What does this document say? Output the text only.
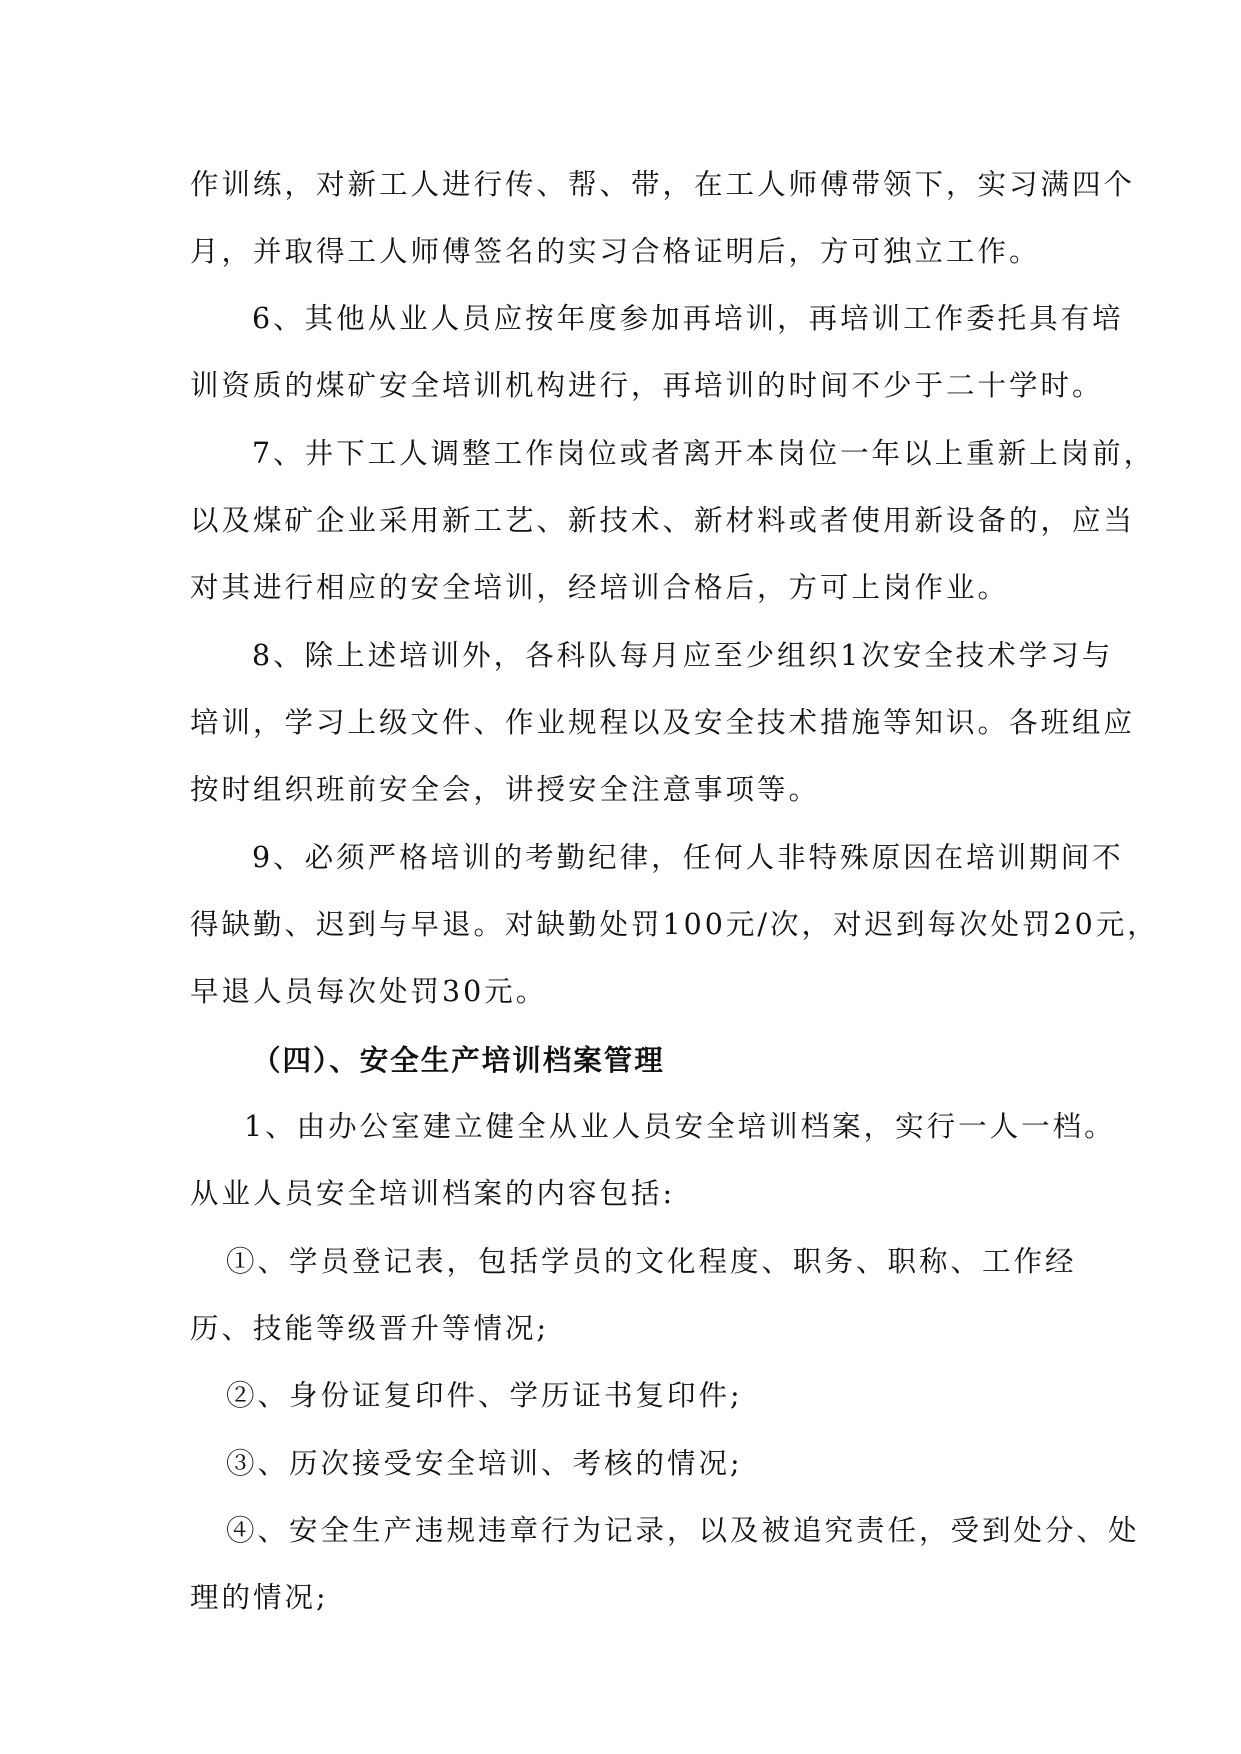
作训练，对新工人进行传、帮、带，在工人师傅带领下，实习满四个
月，并取得工人师傅签名的实习合格证明后，方可独立工作。
6、其他从业人员应按年度参加再培训，再培训工作委托具有培
训资质的煤矿安全培训机构进行，再培训的时间不少于二十学时。
7、井下工人调整工作岗位或者离开本岗位一年以上重新上岗前，
以及煤矿企业采用新工艺、新技术、新材料或者使用新设备的，应当
对其进行相应的安全培训，经培训合格后，方可上岗作业。
8、除上述培训外，各科队每月应至少组织1次安全技术学习与
培训，学习上级文件、作业规程以及安全技术措施等知识。各班组应
按时组织班前安全会，讲授安全注意事项等。
9、必须严格培训的考勤纪律，任何人非特殊原因在培训期间不
得缺勤、迟到与早退。对缺勤处罚100元/次，对迟到每次处罚20元，
早退人员每次处罚30元。
（四）、安全生产培训档案管理
1、由办公室建立健全从业人员安全培训档案，实行一人一档。
从业人员安全培训档案的内容包括:
①、学员登记表，包括学员的文化程度、职务、职称、工作经
历、技能等级晋升等情况;
②、身份证复印件、学历证书复印件;
③、历次接受安全培训、考核的情况;
④、安全生产违规违章行为记录，以及被追究责任，受到处分、处
理的情况;
